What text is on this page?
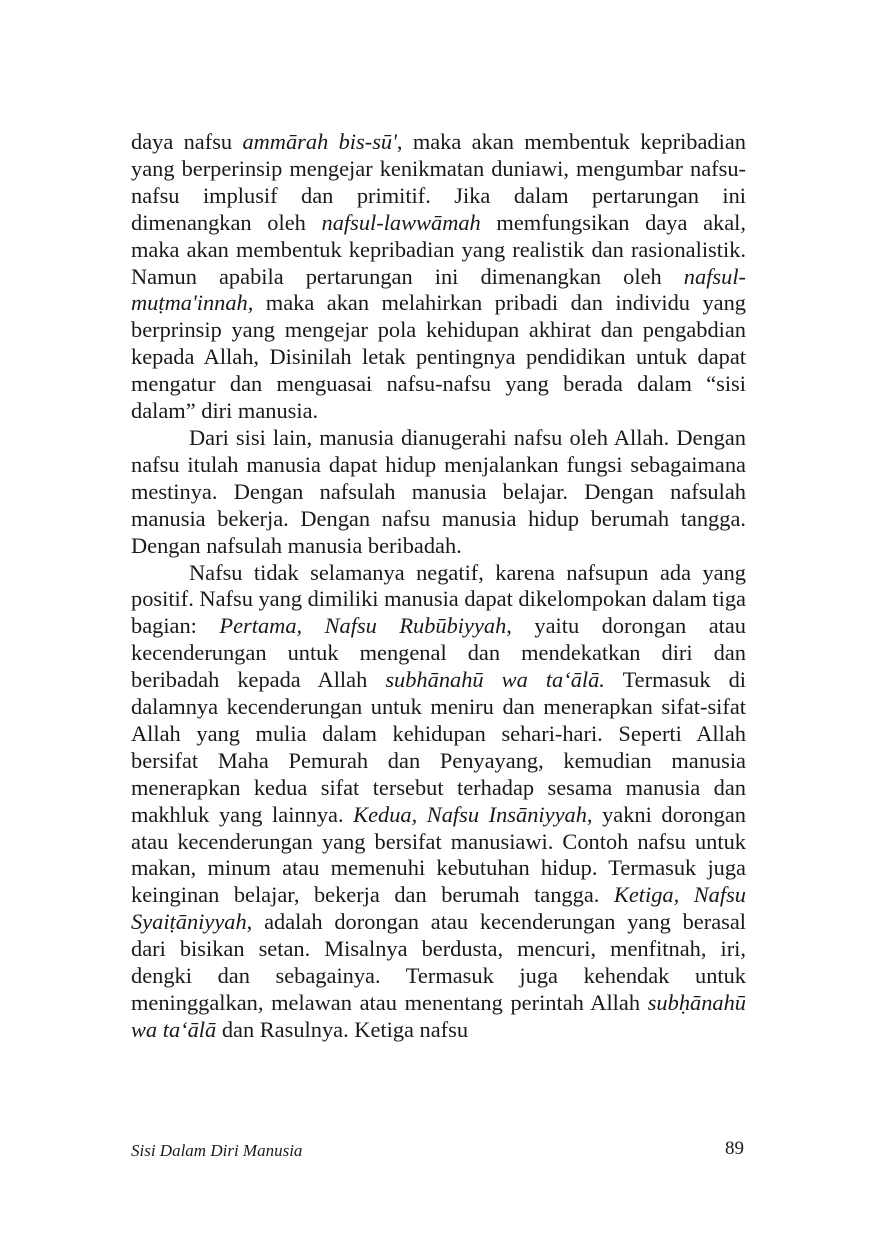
daya nafsu ammārah bis-sū', maka akan membentuk kepribadian yang berperinsip mengejar kenikmatan duniawi, mengumbar nafsu-nafsu implusif dan primitif. Jika dalam pertarungan ini dimenangkan oleh nafsul-lawwāmah memfungsikan daya akal, maka akan membentuk kepribadian yang realistik dan rasionalistik. Namun apabila pertarungan ini dimenangkan oleh nafsul-muṭma'innah, maka akan melahirkan pribadi dan individu yang berprinsip yang mengejar pola kehidupan akhirat dan pengabdian kepada Allah, Disinilah letak pentingnya pendidikan untuk dapat mengatur dan menguasai nafsu-nafsu yang berada dalam “sisi dalam” diri manusia.

Dari sisi lain, manusia dianugerahi nafsu oleh Allah. Dengan nafsu itulah manusia dapat hidup menjalankan fungsi sebagaimana mestinya. Dengan nafsulah manusia belajar. Dengan nafsulah manusia bekerja. Dengan nafsu manusia hidup berumah tangga. Dengan nafsulah manusia beribadah.

Nafsu tidak selamanya negatif, karena nafsupun ada yang positif. Nafsu yang dimiliki manusia dapat dikelompokan dalam tiga bagian: Pertama, Nafsu Rubūbiyyah, yaitu dorongan atau kecenderungan untuk mengenal dan mendekatkan diri dan beribadah kepada Allah subhānahū wa ta‘ālā. Termasuk di dalamnya kecenderungan untuk meniru dan menerapkan sifat-sifat Allah yang mulia dalam kehidupan sehari-hari. Seperti Allah bersifat Maha Pemurah dan Penyayang, kemudian manusia menerapkan kedua sifat tersebut terhadap sesama manusia dan makhluk yang lainnya. Kedua, Nafsu Insāniyyah, yakni dorongan atau kecenderungan yang bersifat manusiawi. Contoh nafsu untuk makan, minum atau memenuhi kebutuhan hidup. Termasuk juga keinginan belajar, bekerja dan berumah tangga. Ketiga, Nafsu Syaiṭāniyyah, adalah dorongan atau kecenderungan yang berasal dari bisikan setan. Misalnya berdusta, mencuri, menfitnah, iri, dengki dan sebagainya. Termasuk juga kehendak untuk meninggalkan, melawan atau menentang perintah Allah subḥānahū wa ta‘ālā dan Rasulnya. Ketiga nafsu

Sisi Dalam Diri Manusia	89
